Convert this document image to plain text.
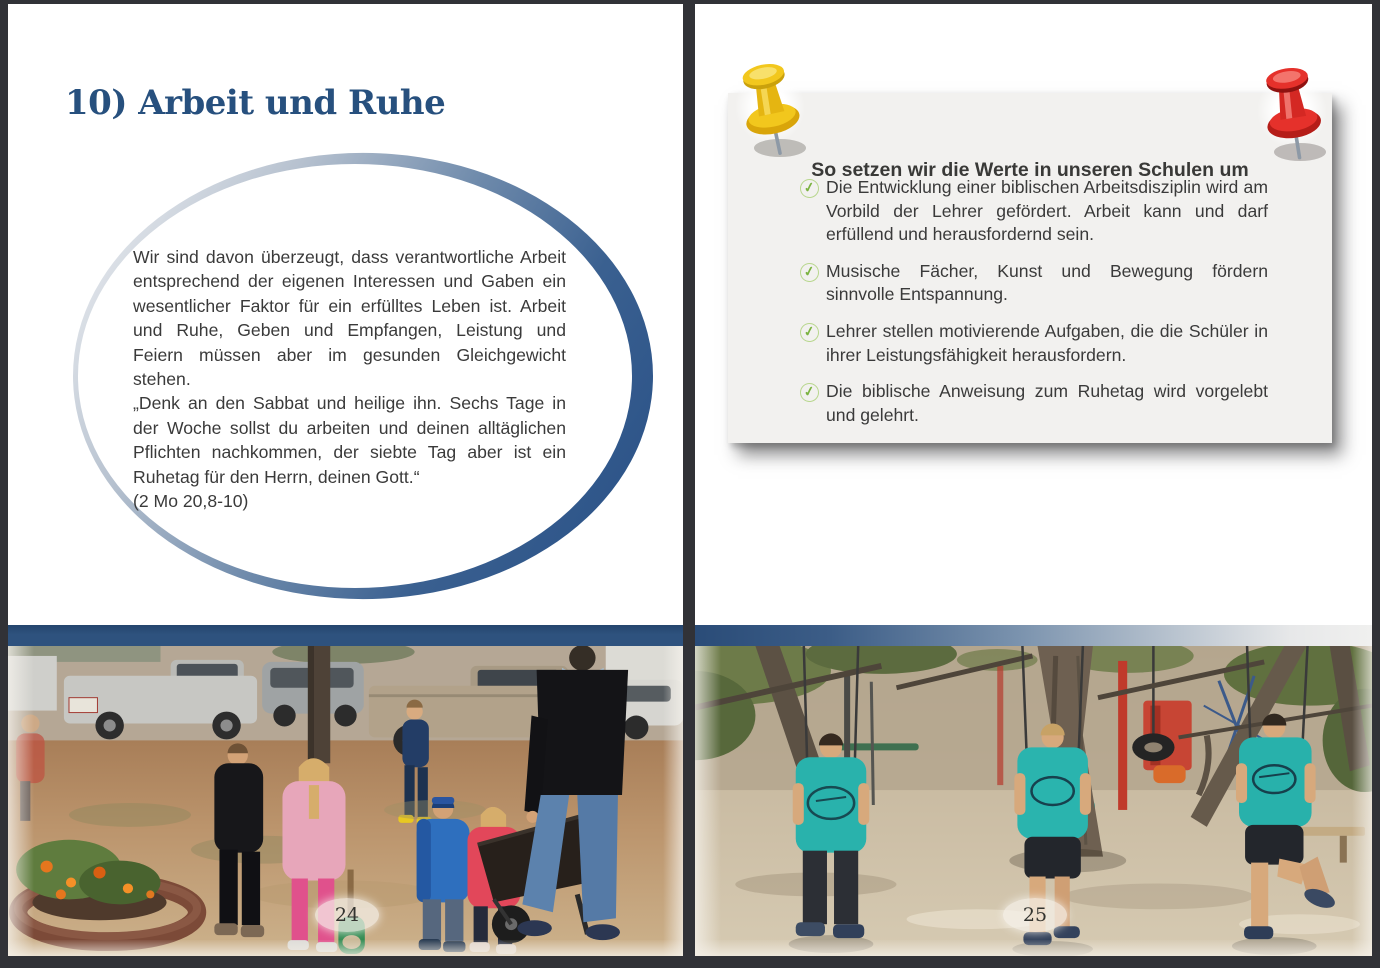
10) Arbeit und Ruhe

Wir sind davon überzeugt, dass verantwortliche Arbeit entsprechend der eigenen Interessen und Gaben ein wesentlicher Faktor für ein erfülltes Leben ist. Arbeit und Ruhe, Geben und Empfangen, Leistung und Feiern müssen aber im gesunden Gleichgewicht stehen.

„Denk an den Sabbat und heilige ihn. Sechs Tage in der Woche sollst du arbeiten und deinen alltäglichen Pflichten nachkommen, der siebte Tag aber ist ein Ruhetag für den Herrn, deinen Gott.“

(2 Mo 20,8-10)

24
So setzen wir die Werte in unseren Schulen um
✓ Die Entwicklung einer biblischen Arbeitsdisziplin wird am Vorbild der Lehrer gefördert. Arbeit kann und darf erfüllend und herausfordernd sein.
✓ Musische Fächer, Kunst und Bewegung fördern sinnvolle Entspannung.
✓ Lehrer stellen motivierende Aufgaben, die die Schüler in ihrer Leistungsfähigkeit herausfordern.
✓ Die biblische Anweisung zum Ruhetag wird vorgelebt und gelehrt.
25
